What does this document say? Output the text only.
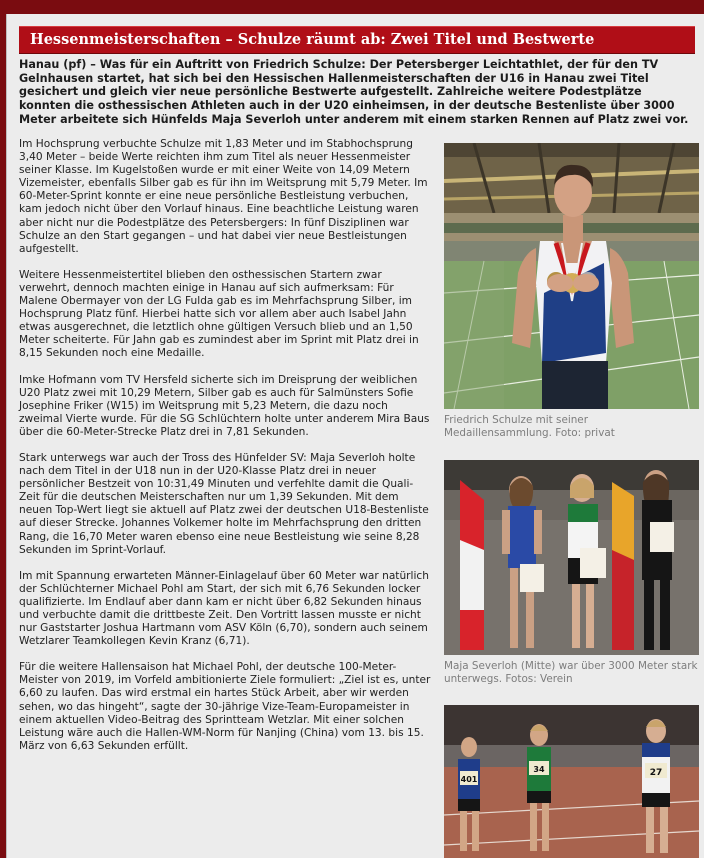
Hessenmeisterschaften – Schulze räumt ab: Zwei Titel und Bestwerte

Hanau (pf) – Was für ein Auftritt von Friedrich Schulze: Der Petersberger Leichtathlet, der für den TV Gelnhausen startet, hat sich bei den Hessischen Hallenmeisterschaften der U16 in Hanau zwei Titel gesichert und gleich vier neue persönliche Bestwerte aufgestellt. Zahlreiche weitere Podestplätze konnten die osthessischen Athleten auch in der U20 einheimsen, in der deutsche Bestenliste über 3000 Meter arbeitete sich Hünfelds Maja Severloh unter anderem mit einem starken Rennen auf Platz zwei vor.

Im Hochsprung verbuchte Schulze mit 1,83 Meter und im Stabhochsprung 3,40 Meter – beide Werte reichten ihm zum Titel als neuer Hessenmeister seiner Klasse. Im Kugelstoßen wurde er mit einer Weite von 14,09 Metern Vizemeister, ebenfalls Silber gab es für ihn im Weitsprung mit 5,79 Meter. Im 60-Meter-Sprint konnte er eine neue persönliche Bestleistung verbuchen, kam jedoch nicht über den Vorlauf hinaus. Eine beachtliche Leistung waren aber nicht nur die Podestplätze des Petersbergers: In fünf Disziplinen war Schulze an den Start gegangen – und hat dabei vier neue Bestleistungen aufgestellt.

Weitere Hessenmeistertitel blieben den osthessischen Startern zwar verwehrt, dennoch machten einige in Hanau auf sich aufmerksam: Für Malene Obermayer von der LG Fulda gab es im Mehrfachsprung Silber, im Hochsprung Platz fünf. Hierbei hatte sich vor allem aber auch Isabel Jahn etwas ausgerechnet, die letztlich ohne gültigen Versuch blieb und an 1,50 Meter scheiterte. Für Jahn gab es zumindest aber im Sprint mit Platz drei in 8,15 Sekunden noch eine Medaille.

Imke Hofmann vom TV Hersfeld sicherte sich im Dreisprung der weiblichen U20 Platz zwei mit 10,29 Metern, Silber gab es auch für Salmünsters Sofie Josephine Friker (W15) im Weitsprung mit 5,23 Metern, die dazu noch zweimal Vierte wurde. Für die SG Schlüchtern holte unter anderem Mira Baus über die 60-Meter-Strecke Platz drei in 7,81 Sekunden.

Stark unterwegs war auch der Tross des Hünfelder SV: Maja Severloh holte nach dem Titel in der U18 nun in der U20-Klasse Platz drei in neuer persönlicher Bestzeit von 10:31,49 Minuten und verfehlte damit die Quali-Zeit für die deutschen Meisterschaften nur um 1,39 Sekunden. Mit dem neuen Top-Wert liegt sie aktuell auf Platz zwei der deutschen U18-Bestenliste auf dieser Strecke. Johannes Volkemer holte im Mehrfachsprung den dritten Rang, die 16,70 Meter waren ebenso eine neue Bestleistung wie seine 8,28 Sekunden im Sprint-Vorlauf.

Im mit Spannung erwarteten Männer-Einlagelauf über 60 Meter war natürlich der Schlüchterner Michael Pohl am Start, der sich mit 6,76 Sekunden locker qualifizierte. Im Endlauf aber dann kam er nicht über 6,82 Sekunden hinaus und verbuchte damit die drittbeste Zeit. Den Vortritt lassen musste er nicht nur Gaststarter Joshua Hartmann vom ASV Köln (6,70), sondern auch seinem Wetzlarer Teamkollegen Kevin Kranz (6,71).

Für die weitere Hallensaison hat Michael Pohl, der deutsche 100-Meter-Meister von 2019, im Vorfeld ambitionierte Ziele formuliert: „Ziel ist es, unter 6,60 zu laufen. Das wird erstmal ein hartes Stück Arbeit, aber wir werden sehen, wo das hingeht“, sagte der 30-jährige Vize-Team-Europameister in einem aktuellen Video-Beitrag des Sprintteam Wetzlar. Mit einer solchen Leistung wäre auch die Hallen-WM-Norm für Nanjing (China) vom 13. bis 15. März von 6,63 Sekunden erfüllt.

Friedrich Schulze mit seiner Medaillensammlung. Foto: privat
Maja Severloh (Mitte) war über 3000 Meter stark unterwegs. Fotos: Verein
401
34	27
